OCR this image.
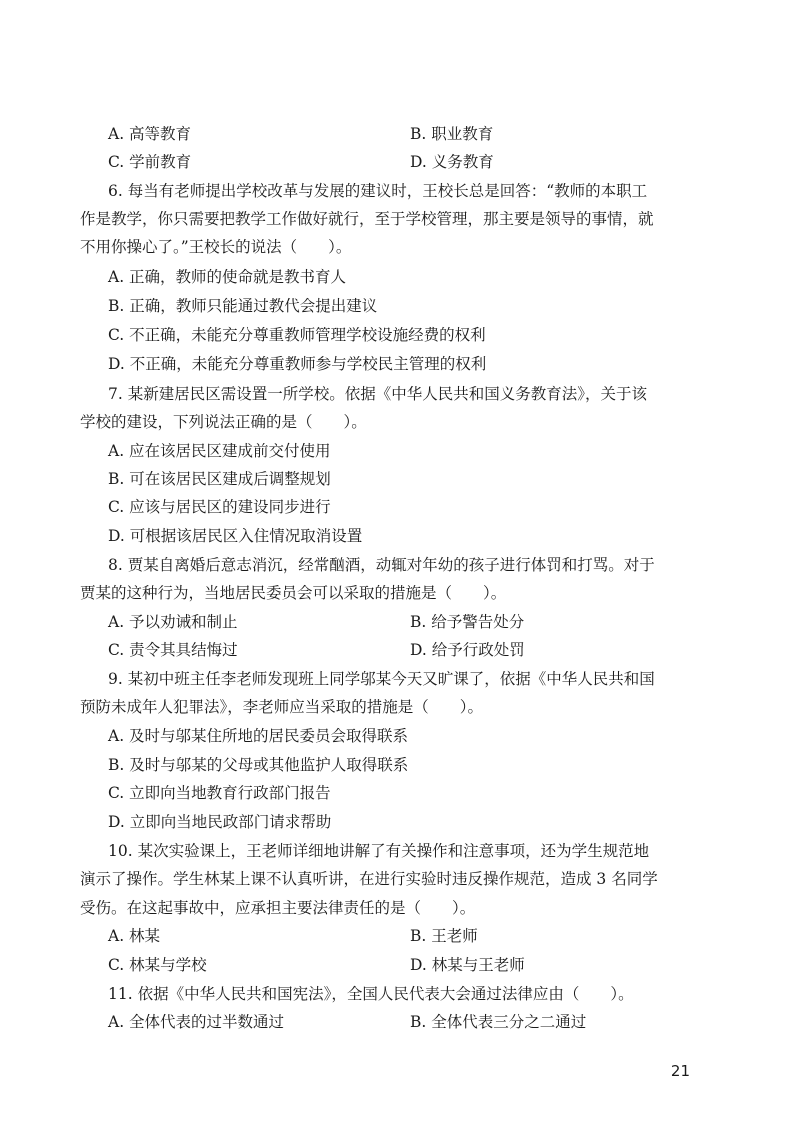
A. 高等教育	B. 职业教育
C. 学前教育	D. 义务教育
6. 每当有老师提出学校改革与发展的建议时，王校长总是回答：“教师的本职工
作是教学，你只需要把教学工作做好就行，至于学校管理，那主要是领导的事情，就
不用你操心了。”王校长的说法（　　）。
A. 正确，教师的使命就是教书育人
B. 正确，教师只能通过教代会提出建议
C. 不正确，未能充分尊重教师管理学校设施经费的权利
D. 不正确，未能充分尊重教师参与学校民主管理的权利
7. 某新建居民区需设置一所学校。依据《中华人民共和国义务教育法》，关于该
学校的建设，下列说法正确的是（　　）。
A. 应在该居民区建成前交付使用
B. 可在该居民区建成后调整规划
C. 应该与居民区的建设同步进行
D. 可根据该居民区入住情况取消设置
8. 贾某自离婚后意志消沉，经常酗酒，动辄对年幼的孩子进行体罚和打骂。对于
贾某的这种行为，当地居民委员会可以采取的措施是（　　）。
A. 予以劝诫和制止	B. 给予警告处分
C. 责令其具结悔过	D. 给予行政处罚
9. 某初中班主任李老师发现班上同学邬某今天又旷课了，依据《中华人民共和国
预防未成年人犯罪法》，李老师应当采取的措施是（　　）。
A. 及时与邬某住所地的居民委员会取得联系
B. 及时与邬某的父母或其他监护人取得联系
C. 立即向当地教育行政部门报告
D. 立即向当地民政部门请求帮助
10. 某次实验课上，王老师详细地讲解了有关操作和注意事项，还为学生规范地
演示了操作。学生林某上课不认真听讲，在进行实验时违反操作规范，造成 3 名同学
受伤。在这起事故中，应承担主要法律责任的是（　　）。
A. 林某	B. 王老师
C. 林某与学校	D. 林某与王老师
11. 依据《中华人民共和国宪法》，全国人民代表大会通过法律应由（　　）。
A. 全体代表的过半数通过	B. 全体代表三分之二通过
21
